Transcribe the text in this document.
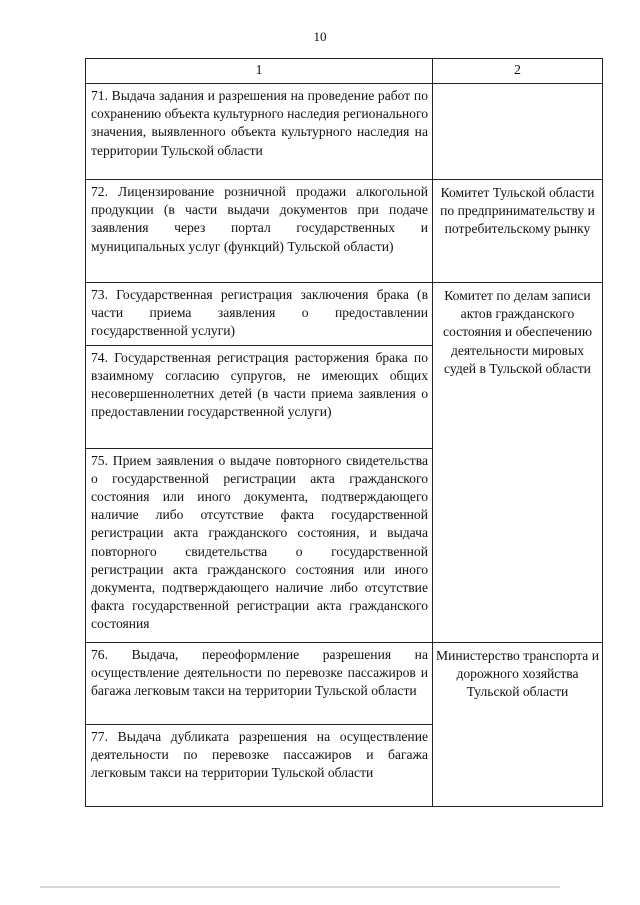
10
1	2
71. Выдача задания и разрешения на проведение работ по сохранению объекта культурного наследия регионального значения, выявленного объекта культурного наследия на территории Тульской области	
72. Лицензирование розничной продажи алкогольной продукции (в части выдачи документов при подаче заявления через портал государственных и муниципальных услуг (функций) Тульской области)	Комитет Тульской области по предпринимательству и потребительскому рынку
73. Государственная регистрация заключения брака (в части приема заявления о предоставлении государственной услуги)	Комитет по делам записи актов гражданского состояния и обеспечению деятельности мировых судей в Тульской области
74. Государственная регистрация расторжения брака по взаимному согласию супругов, не имеющих общих несовершеннолетних детей (в части приема заявления о предоставлении государственной услуги)	
75. Прием заявления о выдаче повторного свидетельства о государственной регистрации акта гражданского состояния или иного документа, подтверждающего наличие либо отсутствие факта государственной регистрации акта гражданского состояния, и выдача повторного свидетельства о государственной регистрации акта гражданского состояния или иного документа, подтверждающего наличие либо отсутствие факта государственной регистрации акта гражданского состояния	
76. Выдача, переоформление разрешения на осуществление деятельности по перевозке пассажиров и багажа легковым такси на территории Тульской области	Министерство транспорта и дорожного хозяйства Тульской области
77. Выдача дубликата разрешения на осуществление деятельности по перевозке пассажиров и багажа легковым такси на территории Тульской области	
